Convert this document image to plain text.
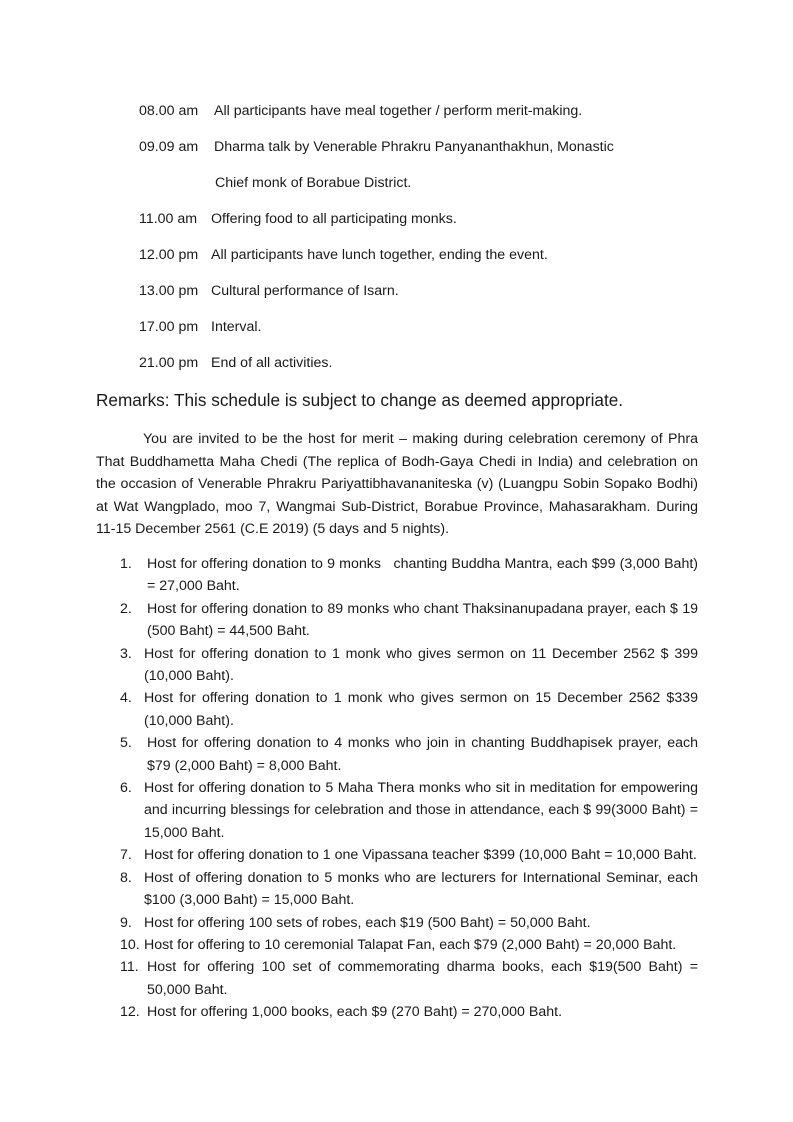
08.00 am All participants have meal together / perform merit-making.
09.09 am Dharma talk by Venerable Phrakru Panyananthakhun, Monastic
Chief monk of Borabue District.
11.00 am Offering food to all participating monks.
12.00 pm All participants have lunch together, ending the event.
13.00 pm Cultural performance of Isarn.
17.00 pm Interval.
21.00 pm End of all activities.
Remarks: This schedule is subject to change as deemed appropriate.

You are invited to be the host for merit – making during celebration ceremony of Phra That Buddhametta Maha Chedi (The replica of Bodh-Gaya Chedi in India) and celebration on the occasion of Venerable Phrakru Pariyattibhavananiteska (v) (Luangpu Sobin Sopako Bodhi) at Wat Wangplado, moo 7, Wangmai Sub-District, Borabue Province, Mahasarakham. During 11-15 December 2561 (C.E 2019) (5 days and 5 nights).

1. Host for offering donation to 9 monks   chanting Buddha Mantra, each $99 (3,000 Baht) = 27,000 Baht.
2. Host for offering donation to 89 monks who chant Thaksinanupadana prayer, each $ 19 (500 Baht) = 44,500 Baht.
3. Host for offering donation to 1 monk who gives sermon on 11 December 2562 $ 399 (10,000 Baht).
4. Host for offering donation to 1 monk who gives sermon on 15 December 2562 $339 (10,000 Baht).
5. Host for offering donation to 4 monks who join in chanting Buddhapisek prayer, each $79 (2,000 Baht) = 8,000 Baht.
6. Host for offering donation to 5 Maha Thera monks who sit in meditation for empowering and incurring blessings for celebration and those in attendance, each $ 99(3000 Baht) = 15,000 Baht.
7. Host for offering donation to 1 one Vipassana teacher $399 (10,000 Baht = 10,000 Baht.
8. Host of offering donation to 5 monks who are lecturers for International Seminar, each $100 (3,000 Baht) = 15,000 Baht.
9. Host for offering 100 sets of robes, each $19 (500 Baht) = 50,000 Baht.
10. Host for offering to 10 ceremonial Talapat Fan, each $79 (2,000 Baht) = 20,000 Baht.
11. Host for offering 100 set of commemorating dharma books, each $19(500 Baht) = 50,000 Baht.
12. Host for offering 1,000 books, each $9 (270 Baht) = 270,000 Baht.
